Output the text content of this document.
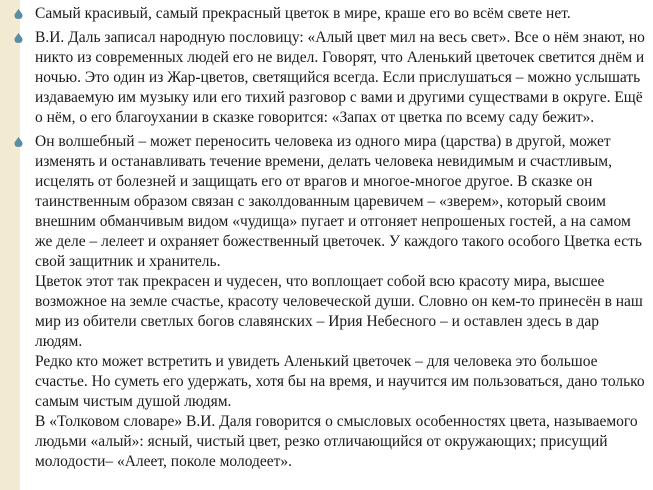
Самый красивый, самый прекрасный цветок в мире, краше его во всём свете нет.
В.И. Даль записал народную пословицу: «Алый цвет мил на весь свет». Все о нём знают, но никто из современных людей его не видел. Говорят, что Аленький цветочек светится днём и ночью. Это один из Жар-цветов, светящийся всегда. Если прислушаться – можно услышать издаваемую им музыку или его тихий разговор с вами и другими существами в округе. Ещё о нём, о его благоухании в сказке говорится: «Запах от цветка по всему саду бежит».
Он волшебный – может переносить человека из одного мира (царства) в другой, может изменять и останавливать течение времени, делать человека невидимым и счастливым, исцелять от болезней и защищать его от врагов и многое-многое другое. В сказке он таинственным образом связан с заколдованным царевичем – «зверем», который своим внешним обманчивым видом «чудища» пугает и отгоняет непрошеных гостей, а на самом же деле – лелеет и охраняет божественный цветочек. У каждого такого особого Цветка есть свой защитник и хранитель.
Цветок этот так прекрасен и чудесен, что воплощает собой всю красоту мира, высшее возможное на земле счастье, красоту человеческой души. Словно он кем-то принесён в наш мир из обители светлых богов славянских – Ирия Небесного – и оставлен здесь в дар людям.
Редко кто может встретить и увидеть Аленький цветочек – для человека это большое счастье. Но суметь его удержать, хотя бы на время, и научится им пользоваться, дано только самым чистым душой людям.
В «Толковом словаре» В.И. Даля говорится о смысловых особенностях цвета, называемого людьми «алый»: ясный, чистый цвет, резко отличающийся от окружающих; присущий молодости– «Алеет, поколе молодеет».
